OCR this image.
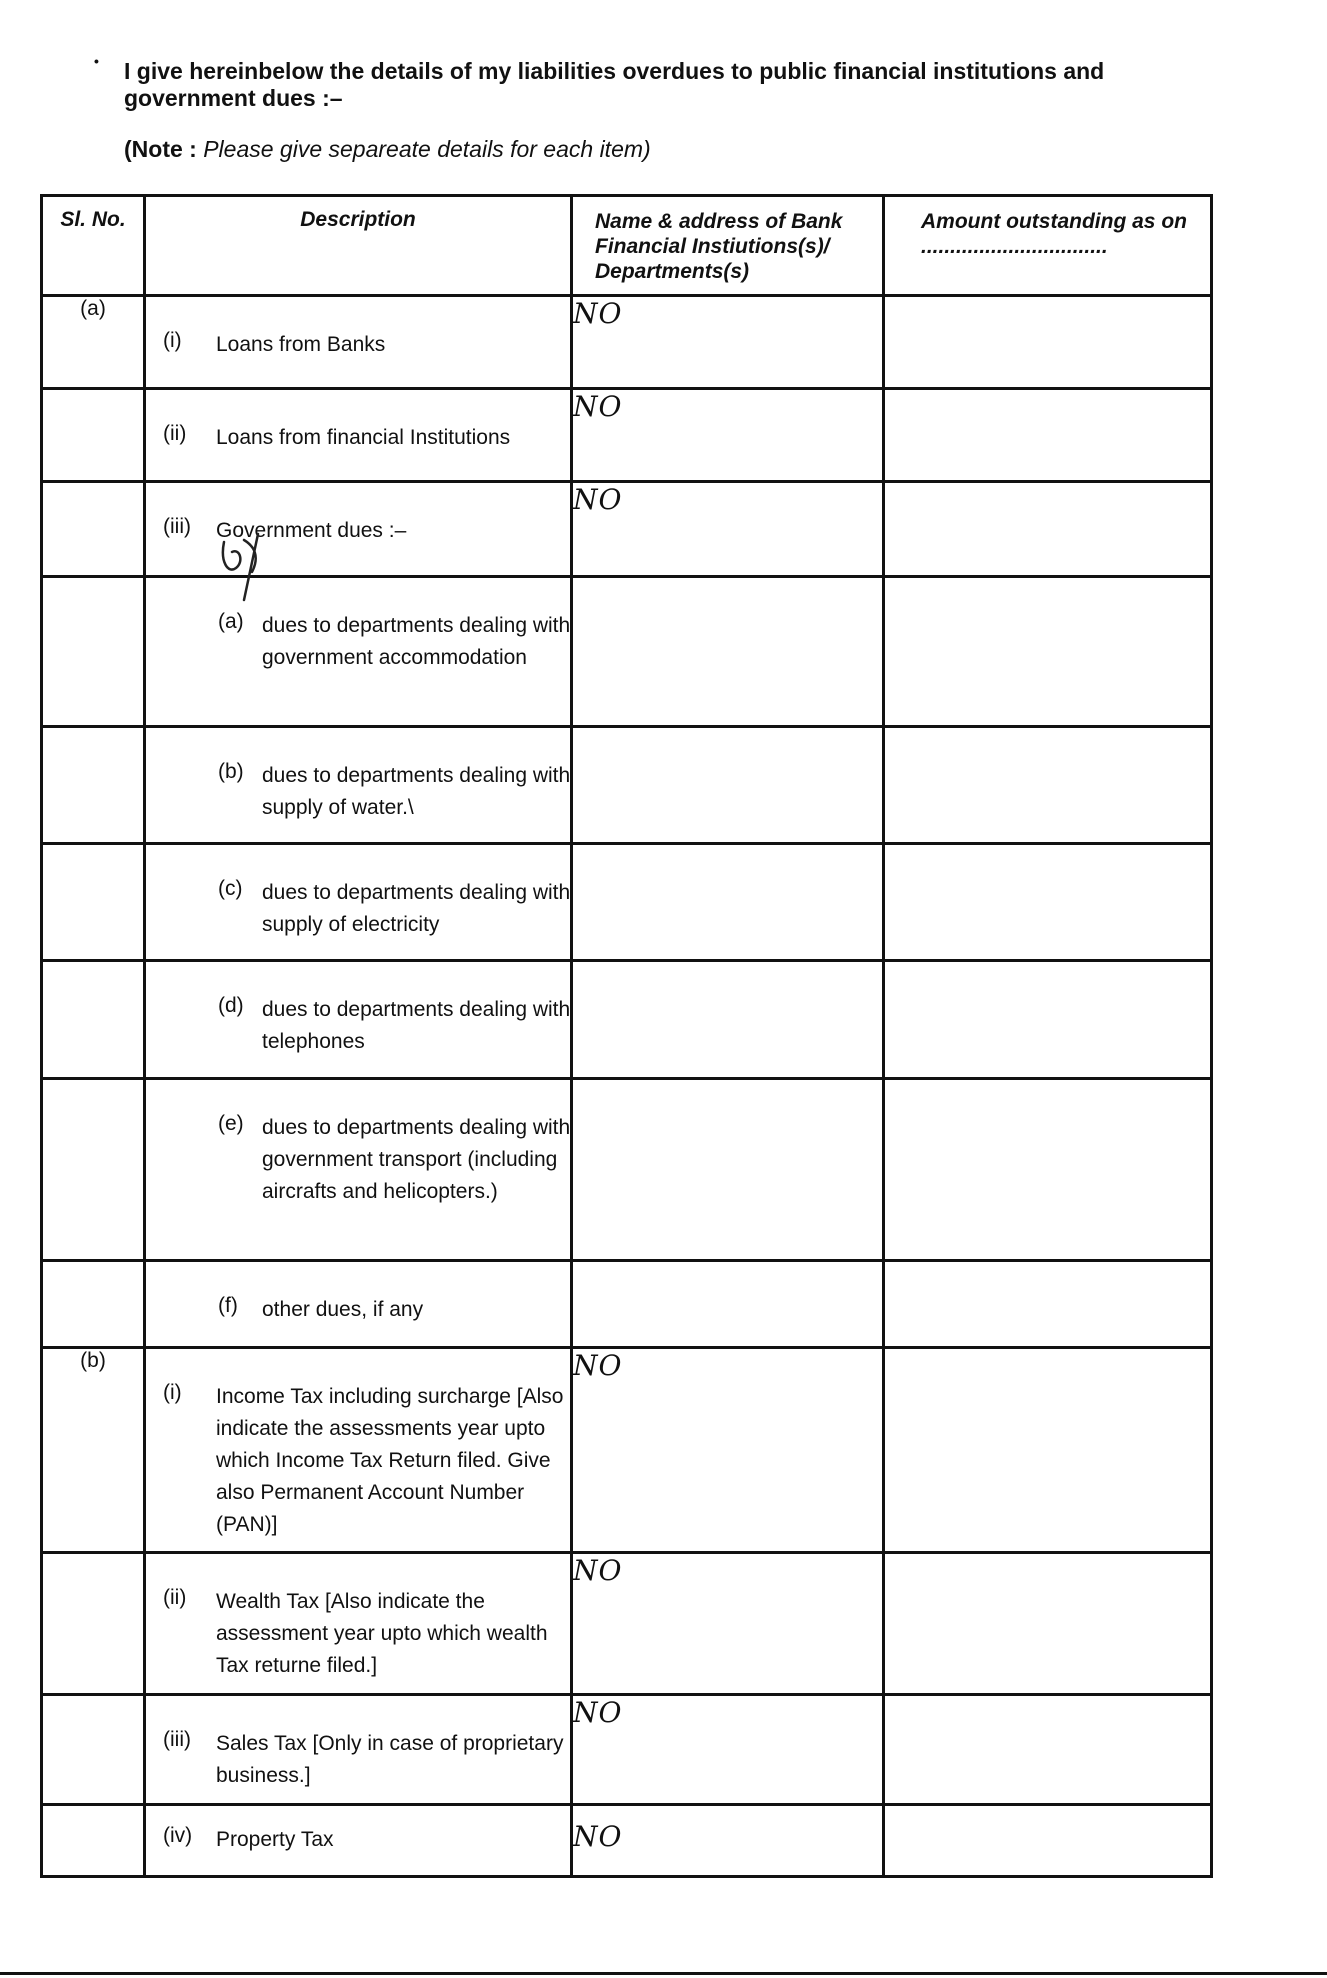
• I give hereinbelow the details of my liabilities overdues to public financial institutions and government dues :–
(Note : Please give separeate details for each item)
Sl. No.	Description	Name & address of Bank Financial Instiutions(s)/ Departments(s)	Amount outstanding as on ................................
(a)	(i) Loans from Banks	NO	

	(ii) Loans from financial Institutions	NO	

	(iii) Government dues :–	NO	

	(a) dues to departments dealing with government accommodation		

	(b) dues to departments dealing with supply of water.\		

	(c) dues to departments dealing with supply of electricity		

	(d) dues to departments dealing with telephones		

	(e) dues to departments dealing with government transport (including aircrafts and helicopters.)		

	(f) other dues, if any		

(b)	(i) Income Tax including surcharge [Also indicate the assessments year upto which Income Tax Return filed. Give also Permanent Account Number (PAN)]	NO	

	(ii) Wealth Tax [Also indicate the assessment year upto which wealth Tax returne filed.]	NO	

	(iii) Sales Tax [Only in case of proprietary business.]	NO	

	(iv) Property Tax	NO	
